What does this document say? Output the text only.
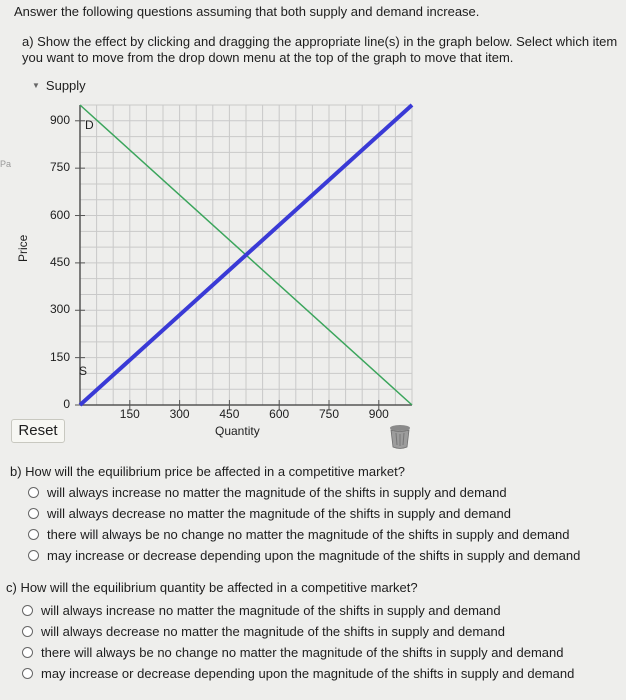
Answer the following questions assuming that both supply and demand increase.
a) Show the effect by clicking and dragging the appropriate line(s) in the graph below. Select which item you want to move from the drop down menu at the top of the graph to move that item.
▼ Supply
Pa
Price
900
750
600
450
300
150
0
150	300	450	600	750	900
D
S
Quantity
Reset
b) How will the equilibrium price be affected in a competitive market?
will always increase no matter the magnitude of the shifts in supply and demand
will always decrease no matter the magnitude of the shifts in supply and demand
there will always be no change no matter the magnitude of the shifts in supply and demand
may increase or decrease depending upon the magnitude of the shifts in supply and demand
c) How will the equilibrium quantity be affected in a competitive market?
will always increase no matter the magnitude of the shifts in supply and demand
will always decrease no matter the magnitude of the shifts in supply and demand
there will always be no change no matter the magnitude of the shifts in supply and demand
may increase or decrease depending upon the magnitude of the shifts in supply and demand
